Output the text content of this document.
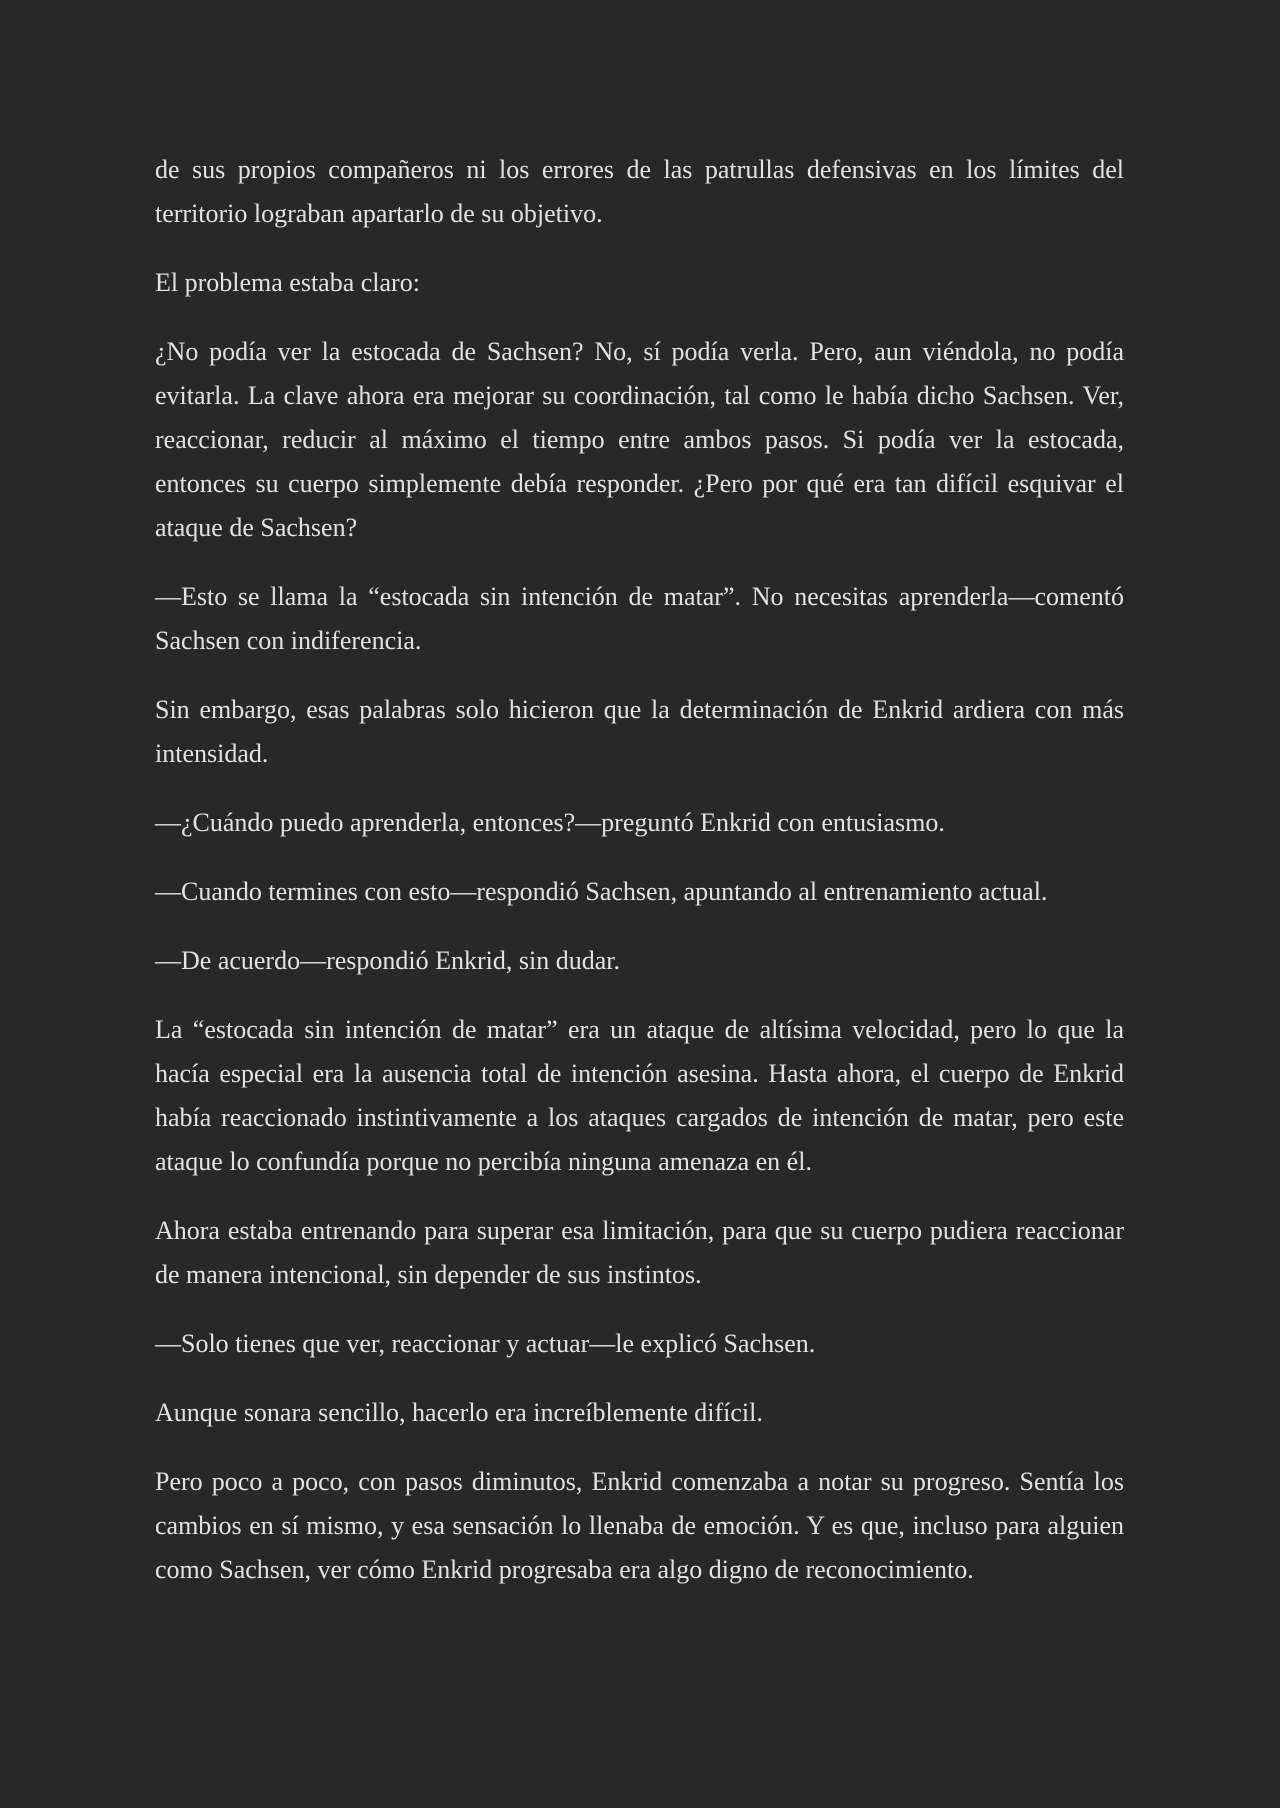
de sus propios compañeros ni los errores de las patrullas defensivas en los límites del territorio lograban apartarlo de su objetivo.

El problema estaba claro:

¿No podía ver la estocada de Sachsen? No, sí podía verla. Pero, aun viéndola, no podía evitarla. La clave ahora era mejorar su coordinación, tal como le había dicho Sachsen. Ver, reaccionar, reducir al máximo el tiempo entre ambos pasos. Si podía ver la estocada, entonces su cuerpo simplemente debía responder. ¿Pero por qué era tan difícil esquivar el ataque de Sachsen?

—Esto se llama la “estocada sin intención de matar”. No necesitas aprenderla—comentó Sachsen con indiferencia.

Sin embargo, esas palabras solo hicieron que la determinación de Enkrid ardiera con más intensidad.

—¿Cuándo puedo aprenderla, entonces?—preguntó Enkrid con entusiasmo.

—Cuando termines con esto—respondió Sachsen, apuntando al entrenamiento actual.

—De acuerdo—respondió Enkrid, sin dudar.

La “estocada sin intención de matar” era un ataque de altísima velocidad, pero lo que la hacía especial era la ausencia total de intención asesina. Hasta ahora, el cuerpo de Enkrid había reaccionado instintivamente a los ataques cargados de intención de matar, pero este ataque lo confundía porque no percibía ninguna amenaza en él.

Ahora estaba entrenando para superar esa limitación, para que su cuerpo pudiera reaccionar de manera intencional, sin depender de sus instintos.

—Solo tienes que ver, reaccionar y actuar—le explicó Sachsen.

Aunque sonara sencillo, hacerlo era increíblemente difícil.

Pero poco a poco, con pasos diminutos, Enkrid comenzaba a notar su progreso. Sentía los cambios en sí mismo, y esa sensación lo llenaba de emoción. Y es que, incluso para alguien como Sachsen, ver cómo Enkrid progresaba era algo digno de reconocimiento.
